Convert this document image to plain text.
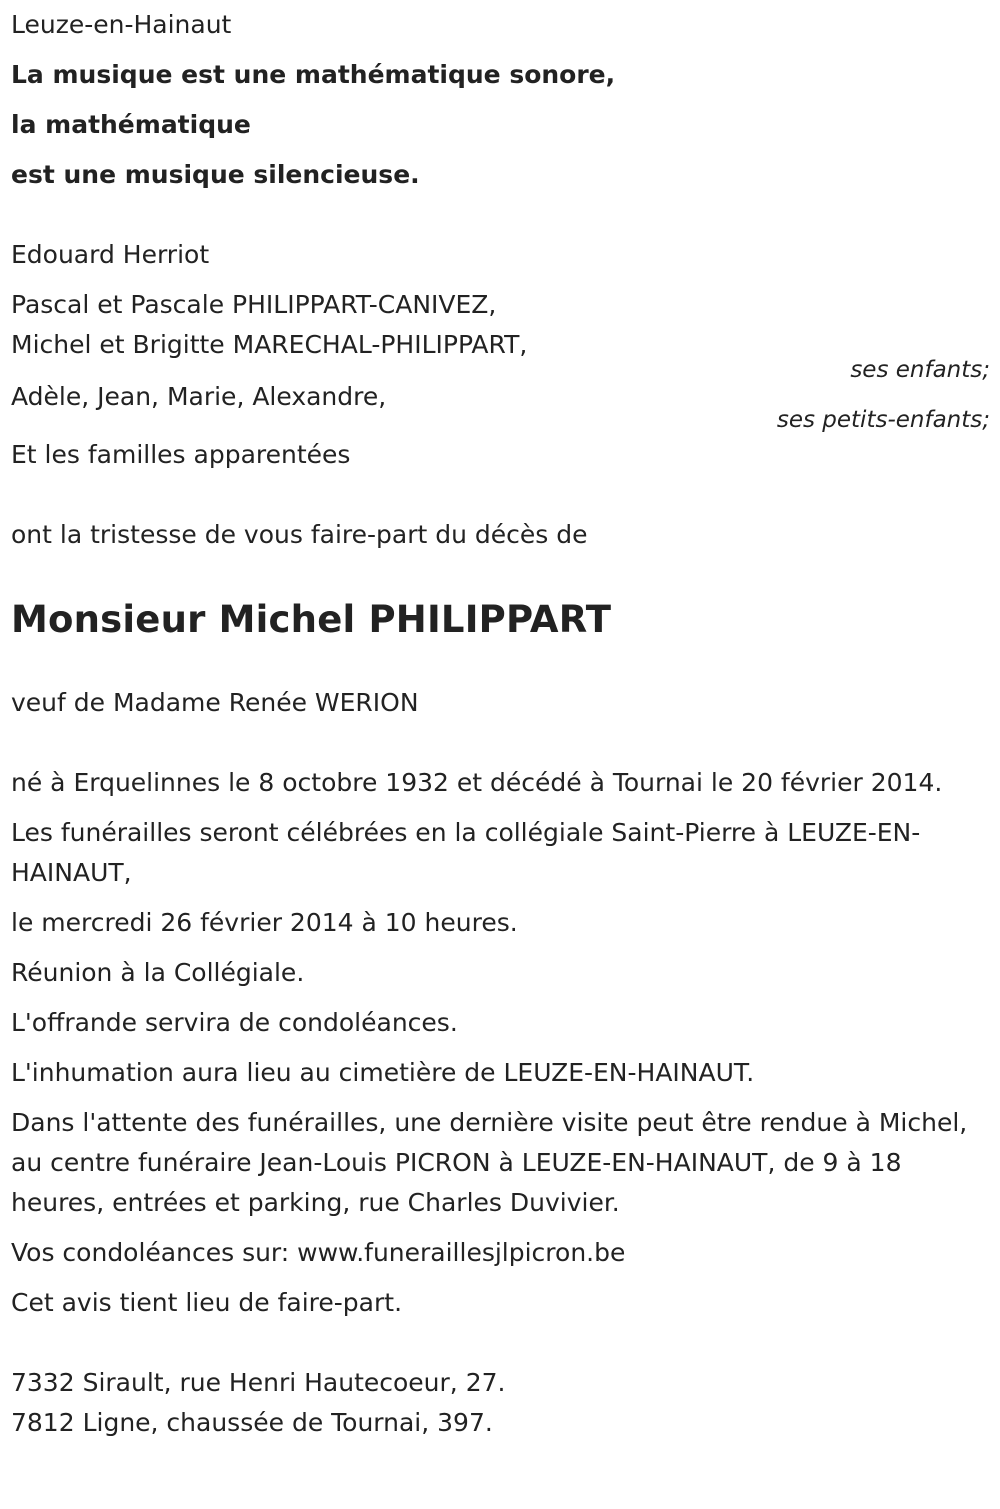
Leuze-en-Hainaut

La musique est une mathématique sonore,

la mathématique

est une musique silencieuse.

Edouard Herriot

Pascal et Pascale PHILIPPART-CANIVEZ,

Michel et Brigitte MARECHAL-PHILIPPART,

ses enfants;

Adèle, Jean, Marie, Alexandre,

ses petits-enfants;

Et les familles apparentées

ont la tristesse de vous faire-part du décès de

Monsieur Michel PHILIPPART

veuf de Madame Renée WERION

né à Erquelinnes le 8 octobre 1932 et décédé à Tournai le 20 février 2014.

Les funérailles seront célébrées en la collégiale Saint-Pierre à LEUZE-EN-HAINAUT,

le mercredi 26 février 2014 à 10 heures.

Réunion à la Collégiale.

L'offrande servira de condoléances.

L'inhumation aura lieu au cimetière de LEUZE-EN-HAINAUT.

Dans l'attente des funérailles, une dernière visite peut être rendue à Michel, au centre funéraire Jean-Louis PICRON à LEUZE-EN-HAINAUT, de 9 à 18 heures, entrées et parking, rue Charles Duvivier.

Vos condoléances sur: www.funeraillesjlpicron.be

Cet avis tient lieu de faire-part.

7332 Sirault, rue Henri Hautecoeur, 27.

7812 Ligne, chaussée de Tournai, 397.
